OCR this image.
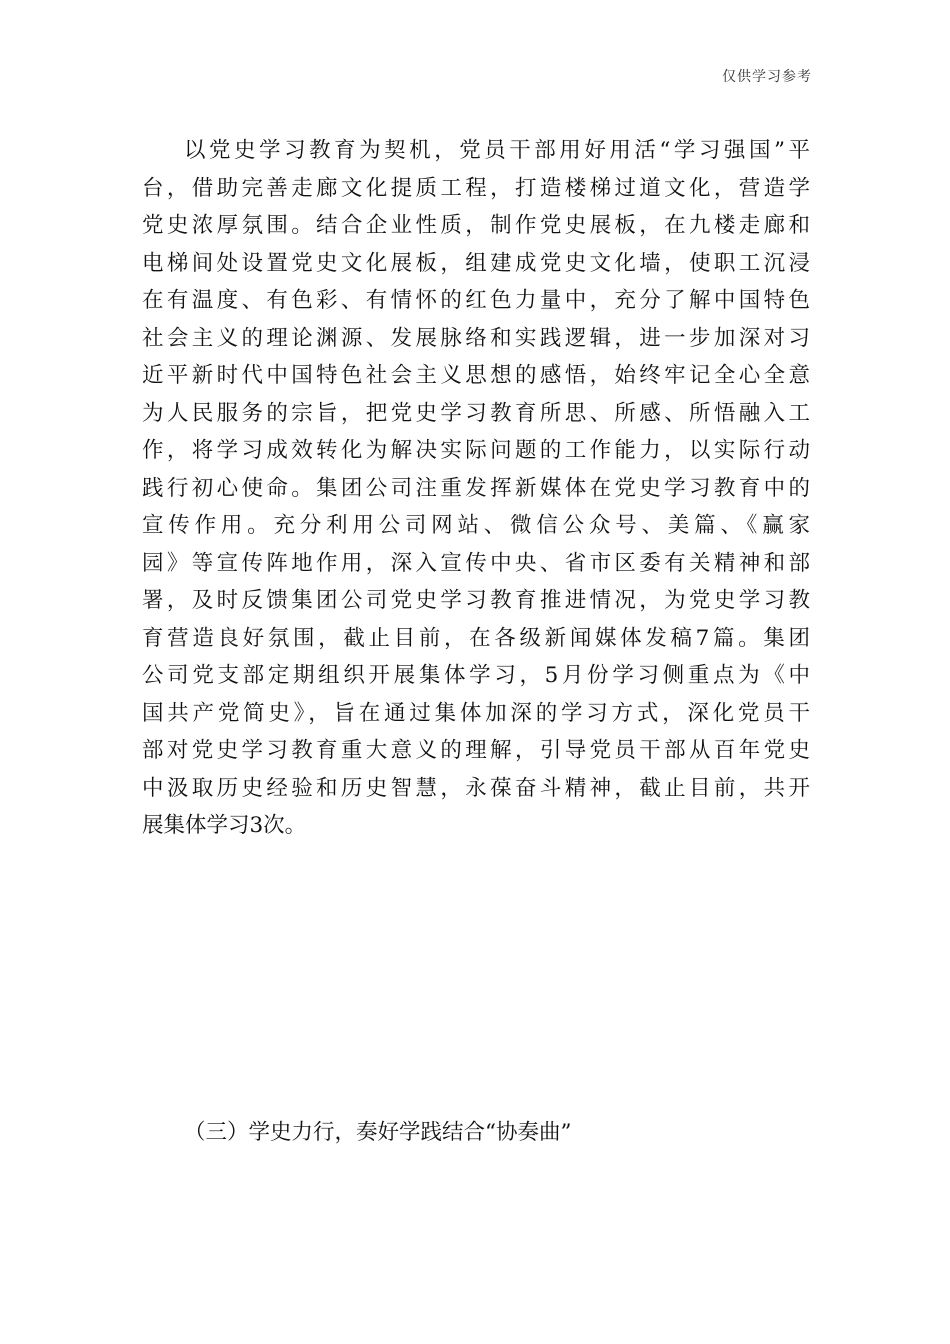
仅供学习参考
以党史学习教育为契机，党员干部用好用活“学习强国”平
台，借助完善走廊文化提质工程，打造楼梯过道文化，营造学
党史浓厚氛围。结合企业性质，制作党史展板，在九楼走廊和
电梯间处设置党史文化展板，组建成党史文化墙，使职工沉浸
在有温度、有色彩、有情怀的红色力量中，充分了解中国特色
社会主义的理论渊源、发展脉络和实践逻辑，进一步加深对习
近平新时代中国特色社会主义思想的感悟，始终牢记全心全意
为人民服务的宗旨，把党史学习教育所思、所感、所悟融入工
作，将学习成效转化为解决实际问题的工作能力，以实际行动
践行初心使命。集团公司注重发挥新媒体在党史学习教育中的
宣传作用。充分利用公司网站、微信公众号、美篇、《赢家
园》等宣传阵地作用，深入宣传中央、省市区委有关精神和部
署，及时反馈集团公司党史学习教育推进情况，为党史学习教
育营造良好氛围，截止目前，在各级新闻媒体发稿7篇。集团
公司党支部定期组织开展集体学习，5月份学习侧重点为《中
国共产党简史》，旨在通过集体加深的学习方式，深化党员干
部对党史学习教育重大意义的理解，引导党员干部从百年党史
中汲取历史经验和历史智慧，永葆奋斗精神，截止目前，共开
展集体学习3次。
（三）学史力行，奏好学践结合“协奏曲”
